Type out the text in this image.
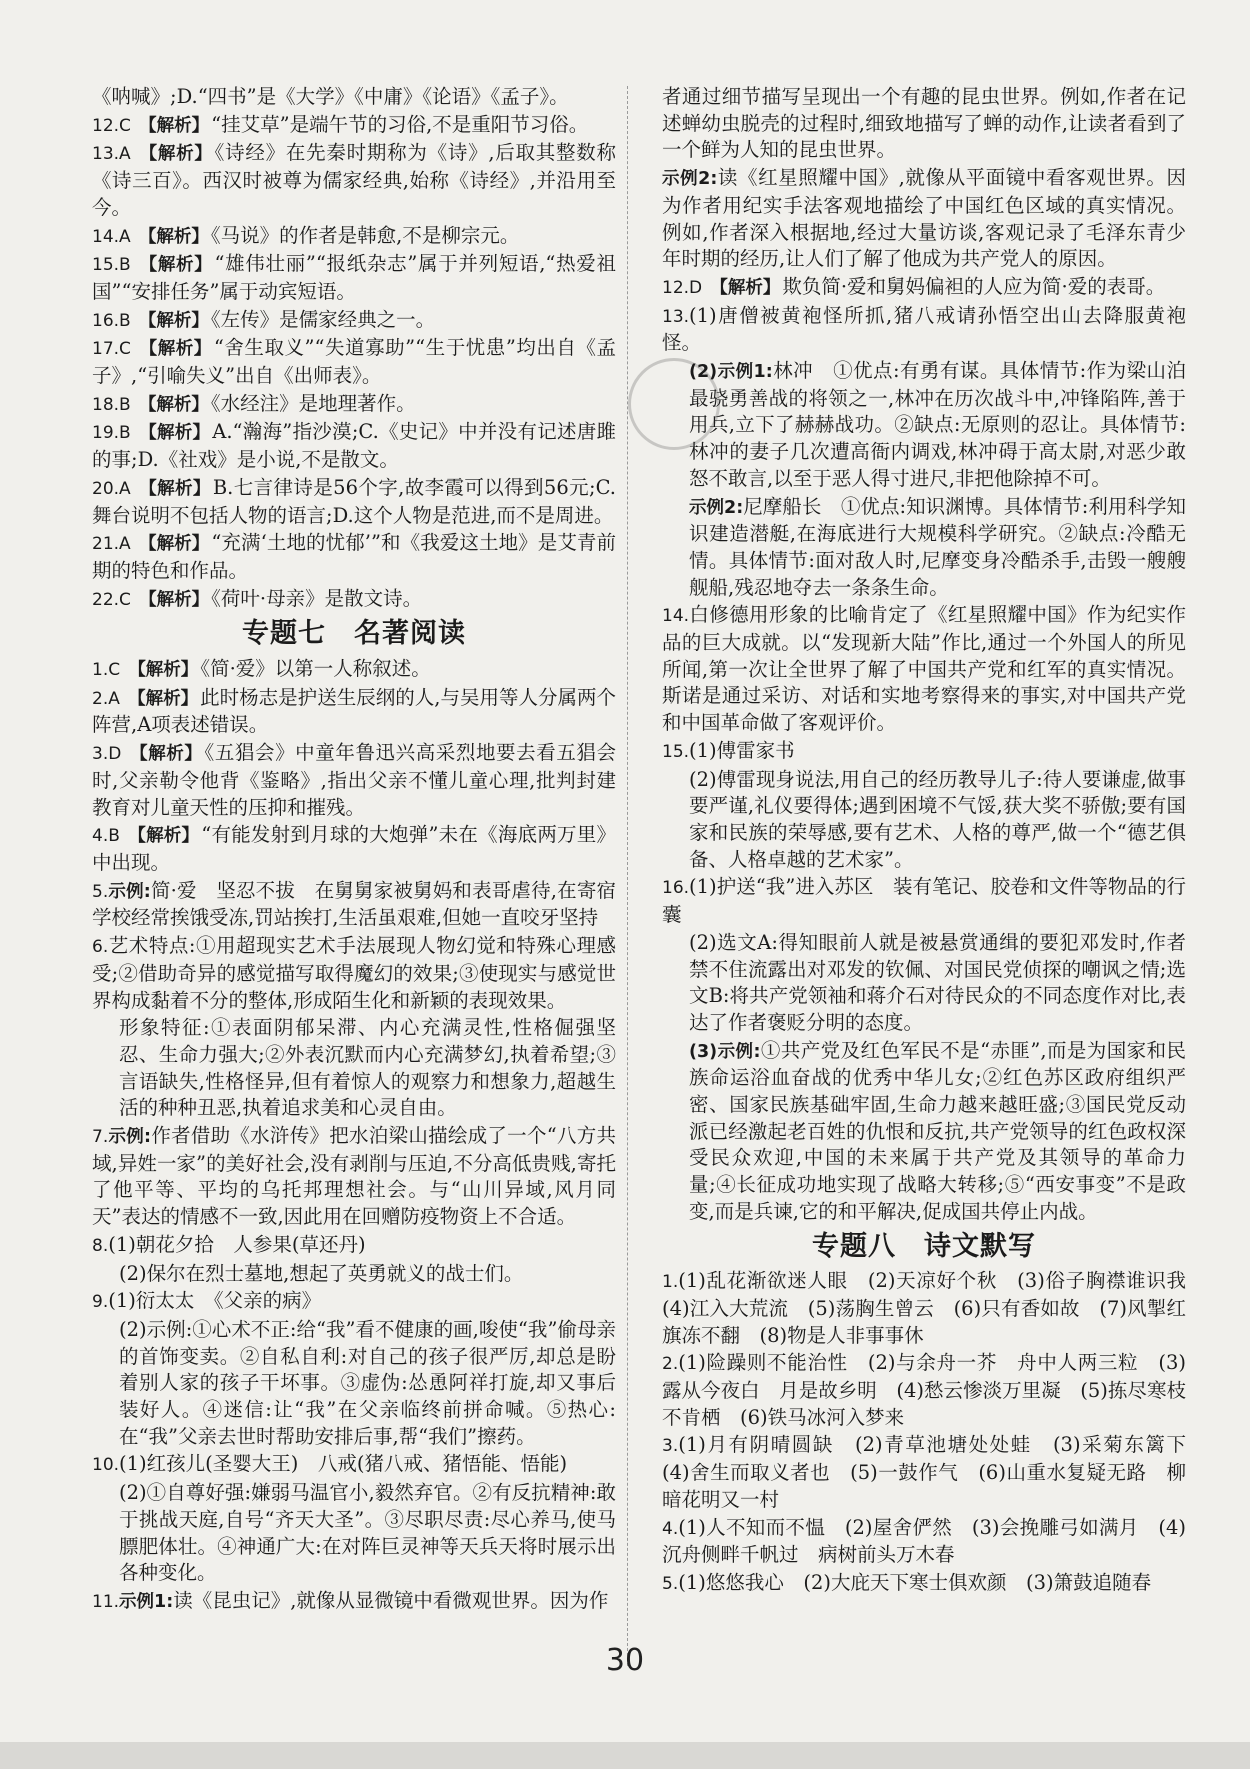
《呐喊》;D.“四书”是《大学》《中庸》《论语》《孟子》。
12.C 【解析】 “挂艾草”是端午节的习俗,不是重阳节习俗。
13.A 【解析】 《诗经》在先秦时期称为《诗》,后取其整数称《诗三百》。西汉时被尊为儒家经典,始称《诗经》,并沿用至今。
14.A 【解析】 《马说》的作者是韩愈,不是柳宗元。
15.B 【解析】 “雄伟壮丽”“报纸杂志”属于并列短语,“热爱祖国”“安排任务”属于动宾短语。
16.B 【解析】 《左传》是儒家经典之一。
17.C 【解析】 “舍生取义”“失道寡助”“生于忧患”均出自《孟子》,“引喻失义”出自《出师表》。
18.B 【解析】 《水经注》是地理著作。
19.B 【解析】 A.“瀚海”指沙漠;C.《史记》中并没有记述唐雎的事;D.《社戏》是小说,不是散文。
20.A 【解析】 B.七言律诗是56个字,故李霞可以得到56元;C.舞台说明不包括人物的语言;D.这个人物是范进,而不是周进。
21.A 【解析】 “充满‘土地的忧郁’”和《我爱这土地》是艾青前期的特色和作品。
22.C 【解析】 《荷叶·母亲》是散文诗。
专题七　名著阅读
1.C 【解析】 《简·爱》以第一人称叙述。
2.A 【解析】 此时杨志是护送生辰纲的人,与吴用等人分属两个阵营,A项表述错误。
3.D 【解析】 《五猖会》中童年鲁迅兴高采烈地要去看五猖会时,父亲勒令他背《鉴略》,指出父亲不懂儿童心理,批判封建教育对儿童天性的压抑和摧残。
4.B 【解析】 “有能发射到月球的大炮弹”未在《海底两万里》中出现。
5.示例:简·爱　坚忍不拔　在舅舅家被舅妈和表哥虐待,在寄宿学校经常挨饿受冻,罚站挨打,生活虽艰难,但她一直咬牙坚持
6.艺术特点:①用超现实艺术手法展现人物幻觉和特殊心理感受;②借助奇异的感觉描写取得魔幻的效果;③使现实与感觉世界构成黏着不分的整体,形成陌生化和新颖的表现效果。
形象特征:①表面阴郁呆滞、内心充满灵性,性格倔强坚忍、生命力强大;②外表沉默而内心充满梦幻,执着希望;③言语缺失,性格怪异,但有着惊人的观察力和想象力,超越生活的种种丑恶,执着追求美和心灵自由。
7.示例:作者借助《水浒传》把水泊梁山描绘成了一个“八方共域,异姓一家”的美好社会,没有剥削与压迫,不分高低贵贱,寄托了他平等、平均的乌托邦理想社会。与“山川异域,风月同天”表达的情感不一致,因此用在回赠防疫物资上不合适。
8.(1)朝花夕拾　人参果(草还丹)
(2)保尔在烈士墓地,想起了英勇就义的战士们。
9.(1)衍太太　《父亲的病》
(2)示例:①心术不正:给“我”看不健康的画,唆使“我”偷母亲的首饰变卖。②自私自利:对自己的孩子很严厉,却总是盼着别人家的孩子干坏事。③虚伪:怂恿阿祥打旋,却又事后装好人。④迷信:让“我”在父亲临终前拼命喊。⑤热心:在“我”父亲去世时帮助安排后事,帮“我们”擦药。
10.(1)红孩儿(圣婴大王)　八戒(猪八戒、猪悟能、悟能)
(2)①自尊好强:嫌弱马温官小,毅然弃官。②有反抗精神:敢于挑战天庭,自号“齐天大圣”。③尽职尽责:尽心养马,使马膘肥体壮。④神通广大:在对阵巨灵神等天兵天将时展示出各种变化。
11.示例1:读《昆虫记》,就像从显微镜中看微观世界。因为作
者通过细节描写呈现出一个有趣的昆虫世界。例如,作者在记述蝉幼虫脱壳的过程时,细致地描写了蝉的动作,让读者看到了一个鲜为人知的昆虫世界。
示例2:读《红星照耀中国》,就像从平面镜中看客观世界。因为作者用纪实手法客观地描绘了中国红色区域的真实情况。例如,作者深入根据地,经过大量访谈,客观记录了毛泽东青少年时期的经历,让人们了解了他成为共产党人的原因。
12.D 【解析】 欺负简·爱和舅妈偏袒的人应为简·爱的表哥。
13.(1)唐僧被黄袍怪所抓,猪八戒请孙悟空出山去降服黄袍怪。
(2)示例1:林冲　①优点:有勇有谋。具体情节:作为梁山泊最骁勇善战的将领之一,林冲在历次战斗中,冲锋陷阵,善于用兵,立下了赫赫战功。②缺点:无原则的忍让。具体情节:林冲的妻子几次遭高衙内调戏,林冲碍于高太尉,对恶少敢怒不敢言,以至于恶人得寸进尺,非把他除掉不可。
示例2:尼摩船长　①优点:知识渊博。具体情节:利用科学知识建造潜艇,在海底进行大规模科学研究。②缺点:冷酷无情。具体情节:面对敌人时,尼摩变身冷酷杀手,击毁一艘艘舰船,残忍地夺去一条条生命。
14.白修德用形象的比喻肯定了《红星照耀中国》作为纪实作品的巨大成就。以“发现新大陆”作比,通过一个外国人的所见所闻,第一次让全世界了解了中国共产党和红军的真实情况。斯诺是通过采访、对话和实地考察得来的事实,对中国共产党和中国革命做了客观评价。
15.(1)傅雷家书
(2)傅雷现身说法,用自己的经历教导儿子:待人要谦虚,做事要严谨,礼仪要得体;遇到困境不气馁,获大奖不骄傲;要有国家和民族的荣辱感,要有艺术、人格的尊严,做一个“德艺俱备、人格卓越的艺术家”。
16.(1)护送“我”进入苏区　装有笔记、胶卷和文件等物品的行囊
(2)选文A:得知眼前人就是被悬赏通缉的要犯邓发时,作者禁不住流露出对邓发的钦佩、对国民党侦探的嘲讽之情;选文B:将共产党领袖和蒋介石对待民众的不同态度作对比,表达了作者褒贬分明的态度。
(3)示例:①共产党及红色军民不是“赤匪”,而是为国家和民族命运浴血奋战的优秀中华儿女;②红色苏区政府组织严密、国家民族基础牢固,生命力越来越旺盛;③国民党反动派已经激起老百姓的仇恨和反抗,共产党领导的红色政权深受民众欢迎,中国的未来属于共产党及其领导的革命力量;④长征成功地实现了战略大转移;⑤“西安事变”不是政变,而是兵谏,它的和平解决,促成国共停止内战。
专题八　诗文默写
1.(1)乱花渐欲迷人眼　(2)天凉好个秋　(3)俗子胸襟谁识我　(4)江入大荒流　(5)荡胸生曾云　(6)只有香如故　(7)风掣红旗冻不翻　(8)物是人非事事休
2.(1)险躁则不能治性　(2)与余舟一芥　舟中人两三粒　(3)露从今夜白　月是故乡明　(4)愁云惨淡万里凝　(5)拣尽寒枝不肯栖　(6)铁马冰河入梦来
3.(1)月有阴晴圆缺　(2)青草池塘处处蛙　(3)采菊东篱下　(4)舍生而取义者也　(5)一鼓作气　(6)山重水复疑无路　柳暗花明又一村
4.(1)人不知而不愠　(2)屋舍俨然　(3)会挽雕弓如满月　(4)沉舟侧畔千帆过　病树前头万木春
5.(1)悠悠我心　(2)大庇天下寒士俱欢颜　(3)箫鼓追随春
30
